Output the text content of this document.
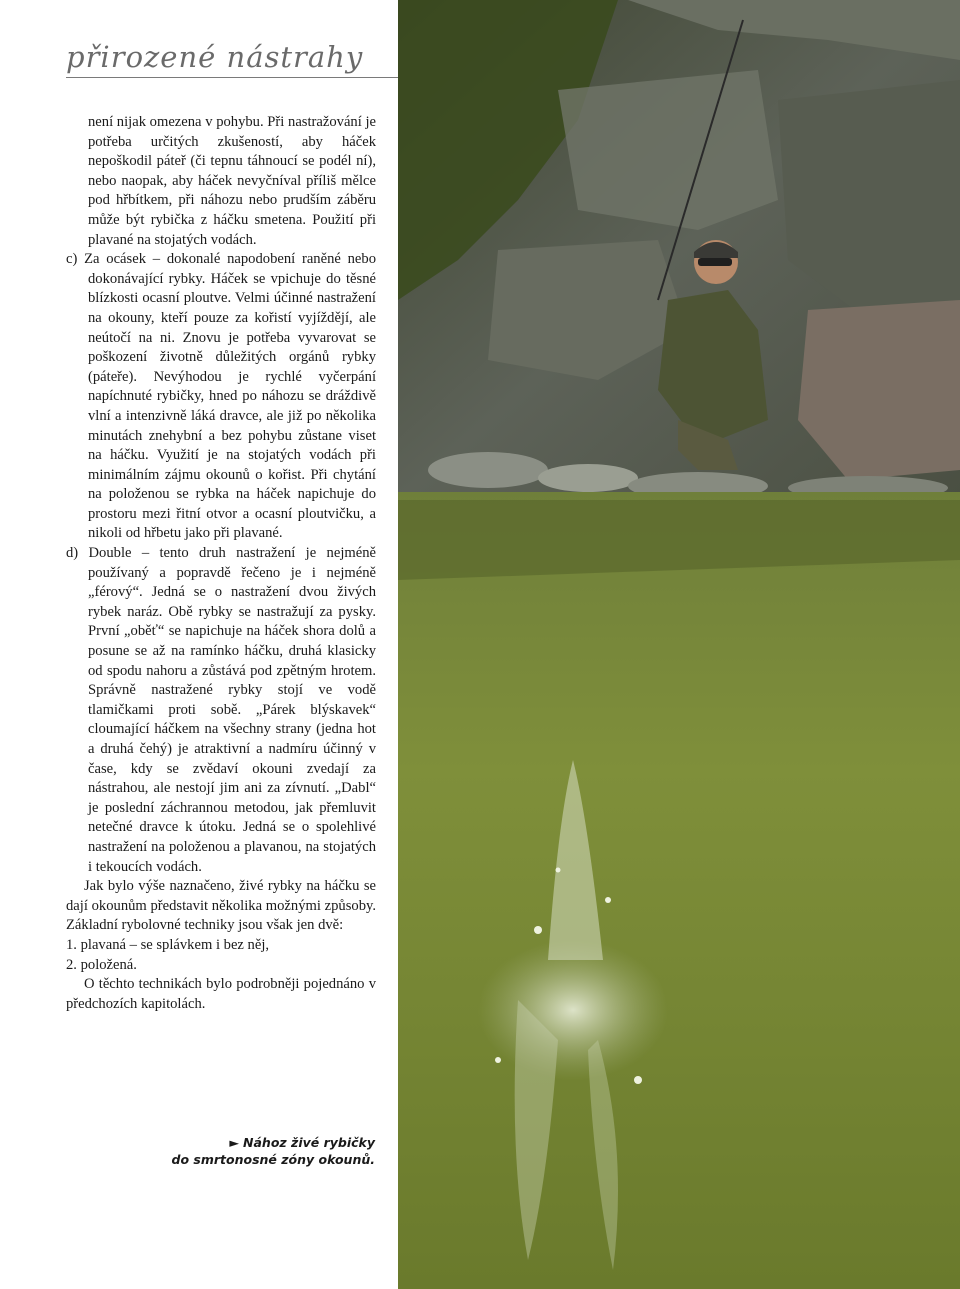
přirozené nástrahy

není nijak omezena v pohybu. Při nastražování je potřeba určitých zkušeností, aby háček nepoškodil páteř (či tepnu táhnoucí se podél ní), nebo naopak, aby háček nevyčníval příliš mělce pod hřbítkem, při náhozu nebo prudším záběru může být rybička z háčku smetena. Použití při plavané na stojatých vodách.

c) Za ocásek – dokonalé napodobení raněné nebo dokonávající rybky. Háček se vpichuje do těsné blízkosti ocasní ploutve. Velmi účinné nastražení na okouny, kteří pouze za kořistí vyjíždějí, ale neútočí na ni. Znovu je potřeba vyvarovat se poškození životně důležitých orgánů rybky (páteře). Nevýhodou je rychlé vyčerpání napíchnuté rybičky, hned po náhozu se dráždivě vlní a intenzivně láká dravce, ale již po několika minutách znehybní a bez pohybu zůstane viset na háčku. Využití je na stojatých vodách při minimálním zájmu okounů o kořist. Při chytání na položenou se rybka na háček napichuje do prostoru mezi řitní otvor a ocasní ploutvičku, a nikoli od hřbetu jako při plavané.

d) Double – tento druh nastražení je nejméně používaný a popravdě řečeno je i nejméně „férový“. Jedná se o nastražení dvou živých rybek naráz. Obě rybky se nastražují za pysky. První „oběť“ se napichuje na háček shora dolů a posune se až na ramínko háčku, druhá klasicky od spodu nahoru a zůstává pod zpětným hrotem. Správně nastražené rybky stojí ve vodě tlamičkami proti sobě. „Párek blýskavek“ cloumající háčkem na všechny strany (jedna hot a druhá čehý) je atraktivní a nadmíru účinný v čase, kdy se zvědaví okouni zvedají za nástrahou, ale nestojí jim ani za zívnutí. „Dabl“ je poslední záchrannou metodou, jak přemluvit netečné dravce k útoku. Jedná se o spolehlivé nastražení na položenou a plavanou, na stojatých i tekoucích vodách.

Jak bylo výše naznačeno, živé rybky na háčku se dají okounům představit několika možnými způsoby. Základní rybolovné techniky jsou však jen dvě:

1. plavaná – se splávkem i bez něj,

2. položená.

O těchto technikách bylo podrobněji pojednáno v předchozích kapitolách.

► Nához živé rybičky
do smrtonosné zóny okounů.
